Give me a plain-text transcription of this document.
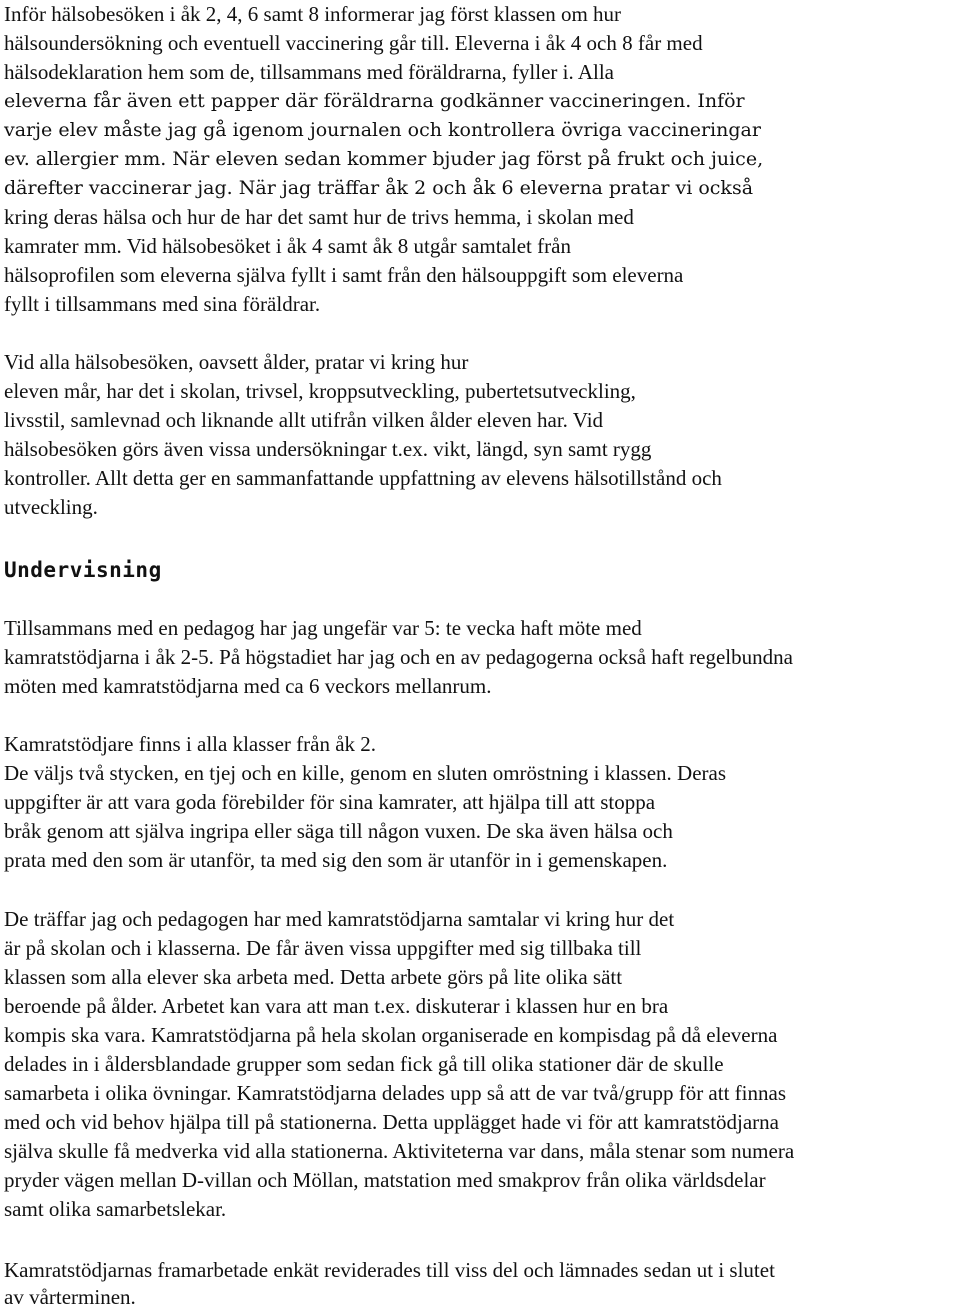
Inför hälsobesöken i åk 2, 4, 6 samt 8 informerar jag först klassen om hur
hälsoundersökning och eventuell vaccinering går till. Eleverna i åk 4 och 8 får med
hälsodeklaration hem som de, tillsammans med föräldrarna, fyller i. Alla
eleverna får även ett papper där föräldrarna godkänner vaccineringen. Inför
varje elev måste jag gå igenom journalen och kontrollera övriga vaccineringar
ev. allergier mm. När eleven sedan kommer bjuder jag först på frukt och juice,
därefter vaccinerar jag. När jag träffar åk 2 och åk 6 eleverna pratar vi också
kring deras hälsa och hur de har det samt hur de trivs hemma, i skolan med
kamrater mm. Vid hälsobesöket i åk 4 samt åk 8 utgår samtalet från
hälsoprofilen som eleverna själva fyllt i samt från den hälsouppgift som eleverna
fyllt i tillsammans med sina föräldrar.
Vid alla hälsobesöken, oavsett ålder, pratar vi kring hur
eleven mår, har det i skolan, trivsel, kroppsutveckling, pubertetsutveckling,
livsstil, samlevnad och liknande allt utifrån vilken ålder eleven har. Vid
hälsobesöken görs även vissa undersökningar t.ex. vikt, längd, syn samt rygg
kontroller. Allt detta ger en sammanfattande uppfattning av elevens hälsotillstånd och
utveckling.
Undervisning
Tillsammans med en pedagog har jag ungefär var 5: te vecka haft möte med
kamratstödjarna i åk 2-5. På högstadiet har jag och en av pedagogerna också haft regelbundna
möten med kamratstödjarna med ca 6 veckors mellanrum.
Kamratstödjare finns i alla klasser från åk 2.
De väljs två stycken, en tjej och en kille, genom en sluten omröstning i klassen. Deras
uppgifter är att vara goda förebilder för sina kamrater, att hjälpa till att stoppa
bråk genom att själva ingripa eller säga till någon vuxen. De ska även hälsa och
prata med den som är utanför, ta med sig den som är utanför in i gemenskapen.
De träffar jag och pedagogen har med kamratstödjarna samtalar vi kring hur det
är på skolan och i klasserna. De får även vissa uppgifter med sig tillbaka till
klassen som alla elever ska arbeta med. Detta arbete görs på lite olika sätt
beroende på ålder. Arbetet kan vara att man t.ex. diskuterar i klassen hur en bra
kompis ska vara. Kamratstödjarna på hela skolan organiserade en kompisdag på då eleverna
delades in i åldersblandade grupper som sedan fick gå till olika stationer där de skulle
samarbeta i olika övningar. Kamratstödjarna delades upp så att de var två/grupp för att finnas
med och vid behov hjälpa till på stationerna. Detta upplägget hade vi för att kamratstödjarna
själva skulle få medverka vid alla stationerna. Aktiviteterna var dans, måla stenar som numera
pryder vägen mellan D-villan och Möllan, matstation med smakprov från olika världsdelar
samt olika samarbetslekar.
Kamratstödjarnas framarbetade enkät reviderades till viss del och lämnades sedan ut i slutet
av vårterminen.
